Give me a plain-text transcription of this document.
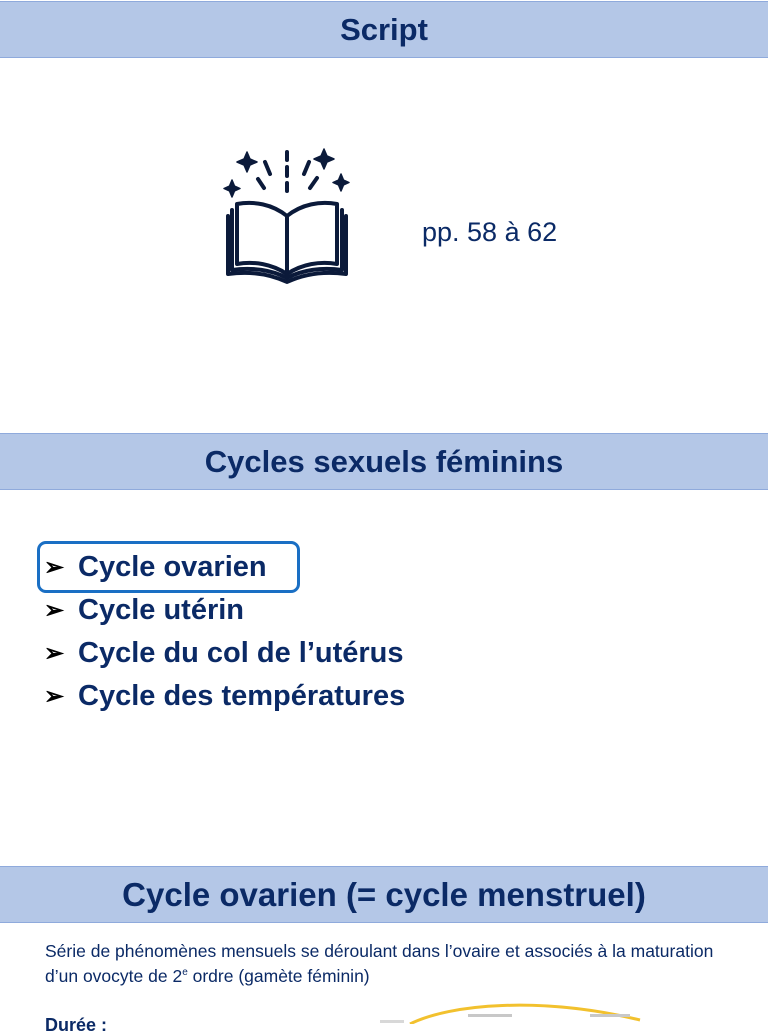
Script
pp. 58 à 62
Cycles sexuels féminins
➢ Cycle ovarien
➢ Cycle utérin
➢ Cycle du col de l’utérus
➢ Cycle des températures
Cycle ovarien (= cycle menstruel)
Série de phénomènes mensuels se déroulant dans l’ovaire et associés à la maturation d’un ovocyte de 2e ordre (gamète féminin)
Durée :
